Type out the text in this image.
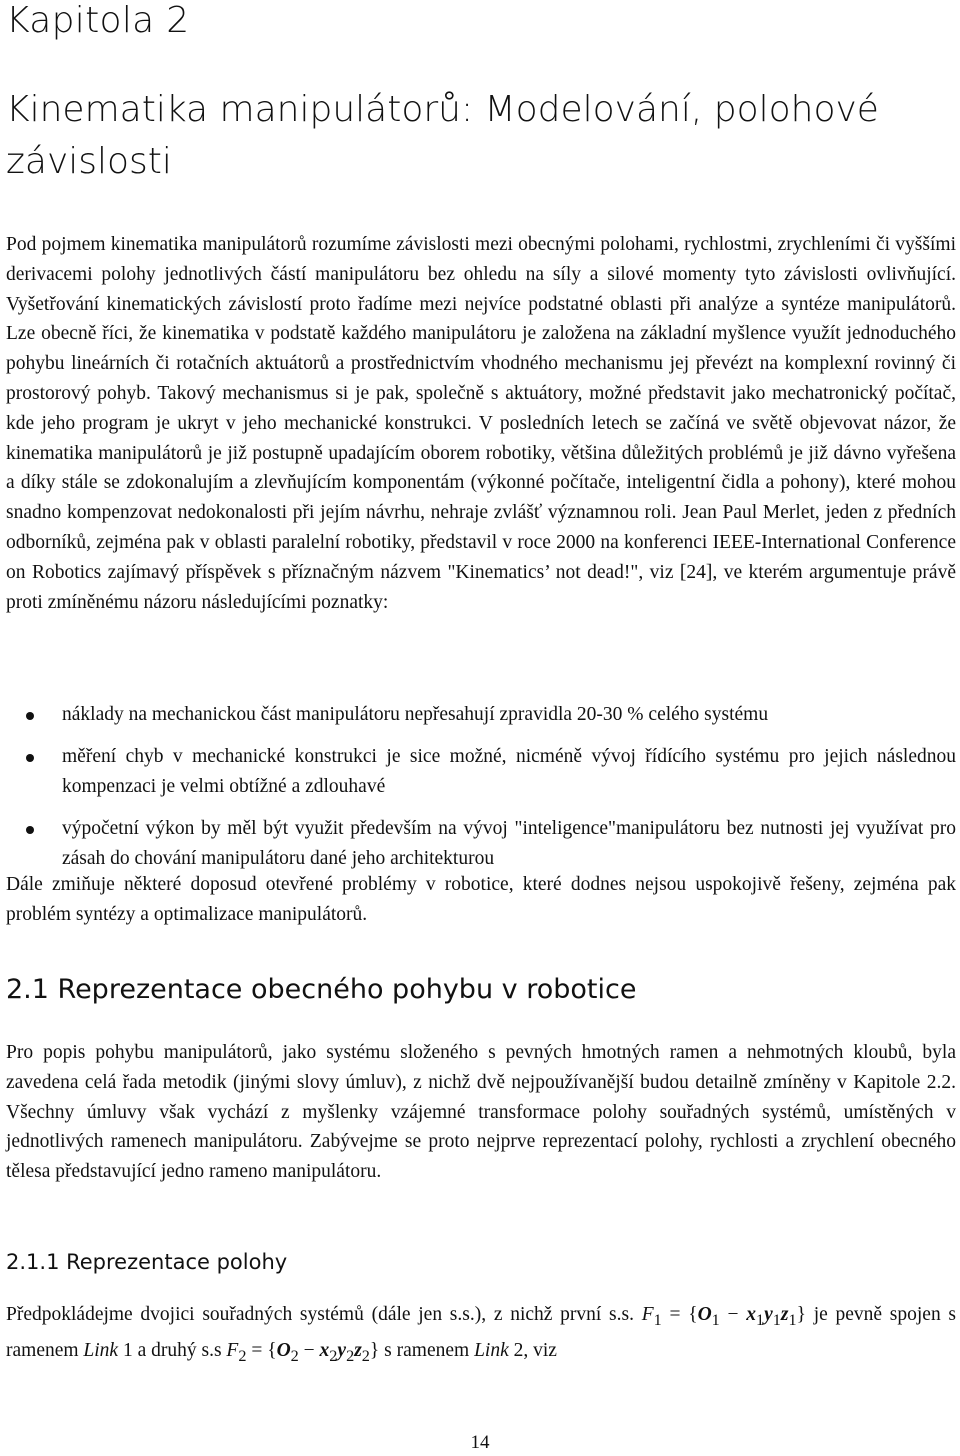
Kapitola 2
Kinematika manipulátorů: Modelování, polohové závislosti

Pod pojmem kinematika manipulátorů rozumíme závislosti mezi obecnými polohami, rychlostmi, zrychleními či vyššími derivacemi polohy jednotlivých částí manipulátoru bez ohledu na síly a silové momenty tyto závislosti ovlivňující. Vyšetřování kinematických závislostí proto řadíme mezi nejvíce podstatné oblasti při analýze a syntéze manipulátorů. Lze obecně říci, že kinematika v podstatě každého manipulátoru je založena na základní myšlence využít jednoduchého pohybu lineárních či rotačních aktuátorů a prostřednictvím vhodného mechanismu jej převézt na komplexní rovinný či prostorový pohyb. Takový mechanismus si je pak, společně s aktuátory, možné představit jako mechatronický počítač, kde jeho program je ukryt v jeho mechanické konstrukci. V posledních letech se začíná ve světě objevovat názor, že kinematika manipulátorů je již postupně upadajícím oborem robotiky, většina důležitých problémů je již dávno vyřešena a díky stále se zdokonalujím a zlevňujícím komponentám (výkonné počítače, inteligentní čidla a pohony), které mohou snadno kompenzovat nedokonalosti při jejím návrhu, nehraje zvlášť významnou roli. Jean Paul Merlet, jeden z předních odborníků, zejména pak v oblasti paralelní robotiky, představil v roce 2000 na konferenci IEEE-International Conference on Robotics zajímavý příspěvek s příznačným názvem "Kinematics’ not dead!", viz [24], ve kterém argumentuje právě proti zmíněnému názoru následujícími poznatky:

náklady na mechanickou část manipulátoru nepřesahují zpravidla 20-30 % celého systému
měření chyb v mechanické konstrukci je sice možné, nicméně vývoj řídícího systému pro jejich následnou kompenzaci je velmi obtížné a zdlouhavé
výpočetní výkon by měl být využit především na vývoj "inteligence"manipulátoru bez nutnosti jej využívat pro zásah do chování manipulátoru dané jeho architekturou

Dále zmiňuje některé doposud otevřené problémy v robotice, které dodnes nejsou uspokojivě řešeny, zejména pak problém syntézy a optimalizace manipulátorů.

2.1 Reprezentace obecného pohybu v robotice

Pro popis pohybu manipulátorů, jako systému složeného s pevných hmotných ramen a nehmotných kloubů, byla zavedena celá řada metodik (jinými slovy úmluv), z nichž dvě nejpoužívanější budou detailně zmíněny v Kapitole 2.2. Všechny úmluvy však vychází z myšlenky vzájemné transformace polohy souřadných systémů, umístěných v jednotlivých ramenech manipulátoru. Zabývejme se proto nejprve reprezentací polohy, rychlosti a zrychlení obecného tělesa představující jedno rameno manipulátoru.

2.1.1 Reprezentace polohy

Předpokládejme dvojici souřadných systémů (dále jen s.s.), z nichž první s.s. $F_1 = \{O_1 - x_1y_1z_1\}$ je pevně spojen s ramenem Link 1 a druhý s.s $F_2 = \{O_2 - x_2y_2z_2\}$ s ramenem Link 2, viz

14
